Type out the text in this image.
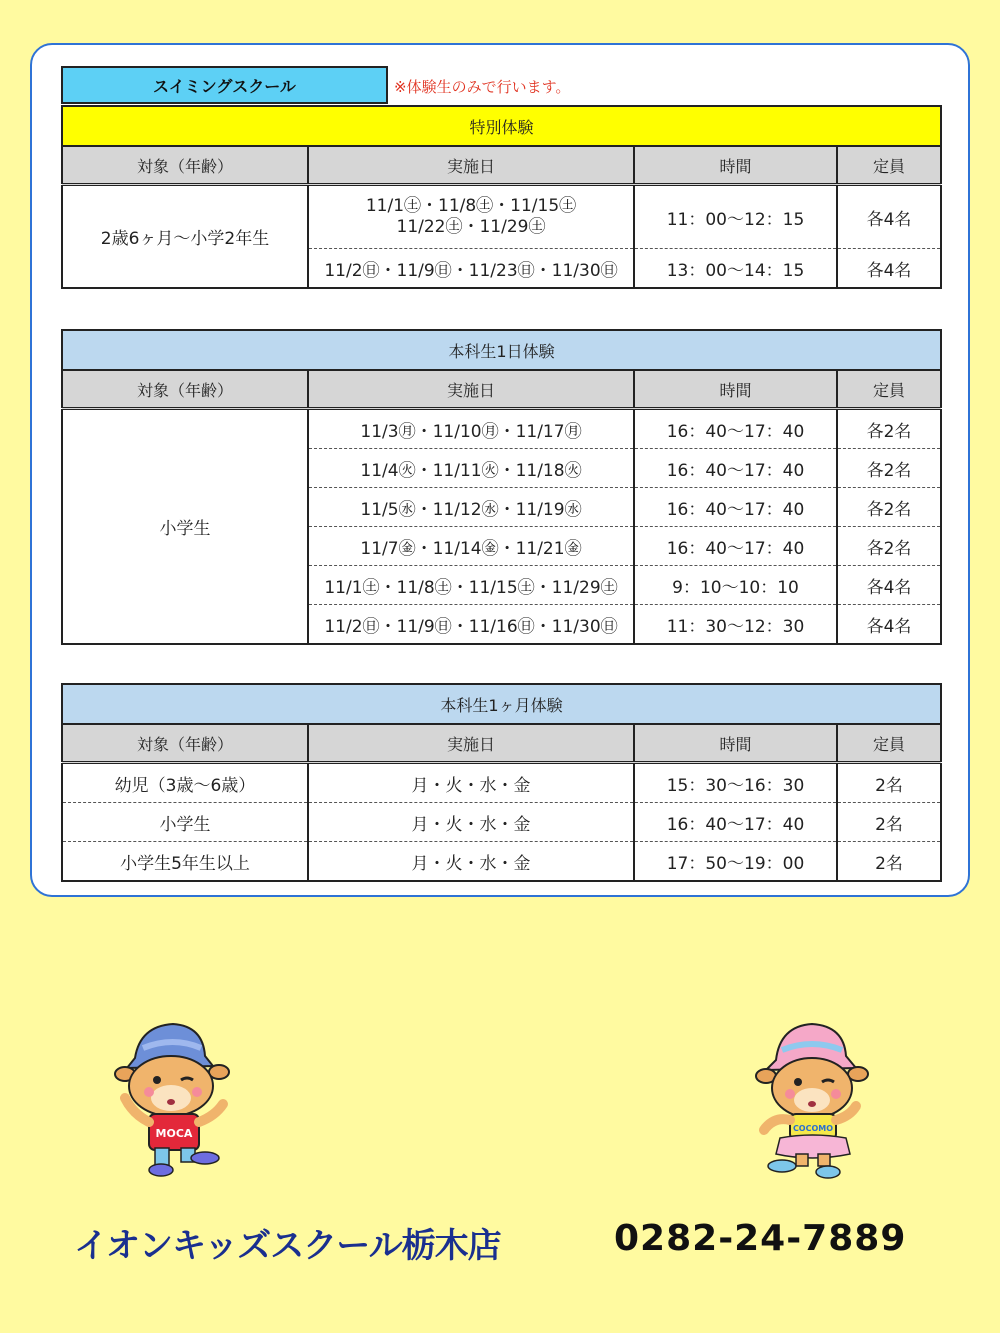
スイミングスクール	※体験生のみで行います。
特別体験			
対象（年齢）	実施日	時間	定員
2歳6ヶ月～小学2年生	11/1㊏・11/8㊏・11/15㊏
11/22㊏・11/29㊏	11：00～12：15	各4名
	11/2㊐・11/9㊐・11/23㊐・11/30㊐	13：00～14：15	各4名
本科生1日体験			
対象（年齢）	実施日	時間	定員
小学生	11/3㊊・11/10㊊・11/17㊊	16：40～17：40	各2名
	11/4㊋・11/11㊋・11/18㊋	16：40～17：40	各2名
	11/5㊌・11/12㊌・11/19㊌	16：40～17：40	各2名
	11/7㊎・11/14㊎・11/21㊎	16：40～17：40	各2名
	11/1㊏・11/8㊏・11/15㊏・11/29㊏	9：10～10：10	各4名
	11/2㊐・11/9㊐・11/16㊐・11/30㊐	11：30～12：30	各4名
本科生1ヶ月体験			
対象（年齢）	実施日	時間	定員
幼児（3歳～6歳）	月・火・水・金	15：30～16：30	2名
小学生	月・火・水・金	16：40～17：40	2名
小学生5年生以上	月・火・水・金	17：50～19：00	2名
MOCA	COCOMO
イオンキッズスクール栃木店	0282-24-7889
